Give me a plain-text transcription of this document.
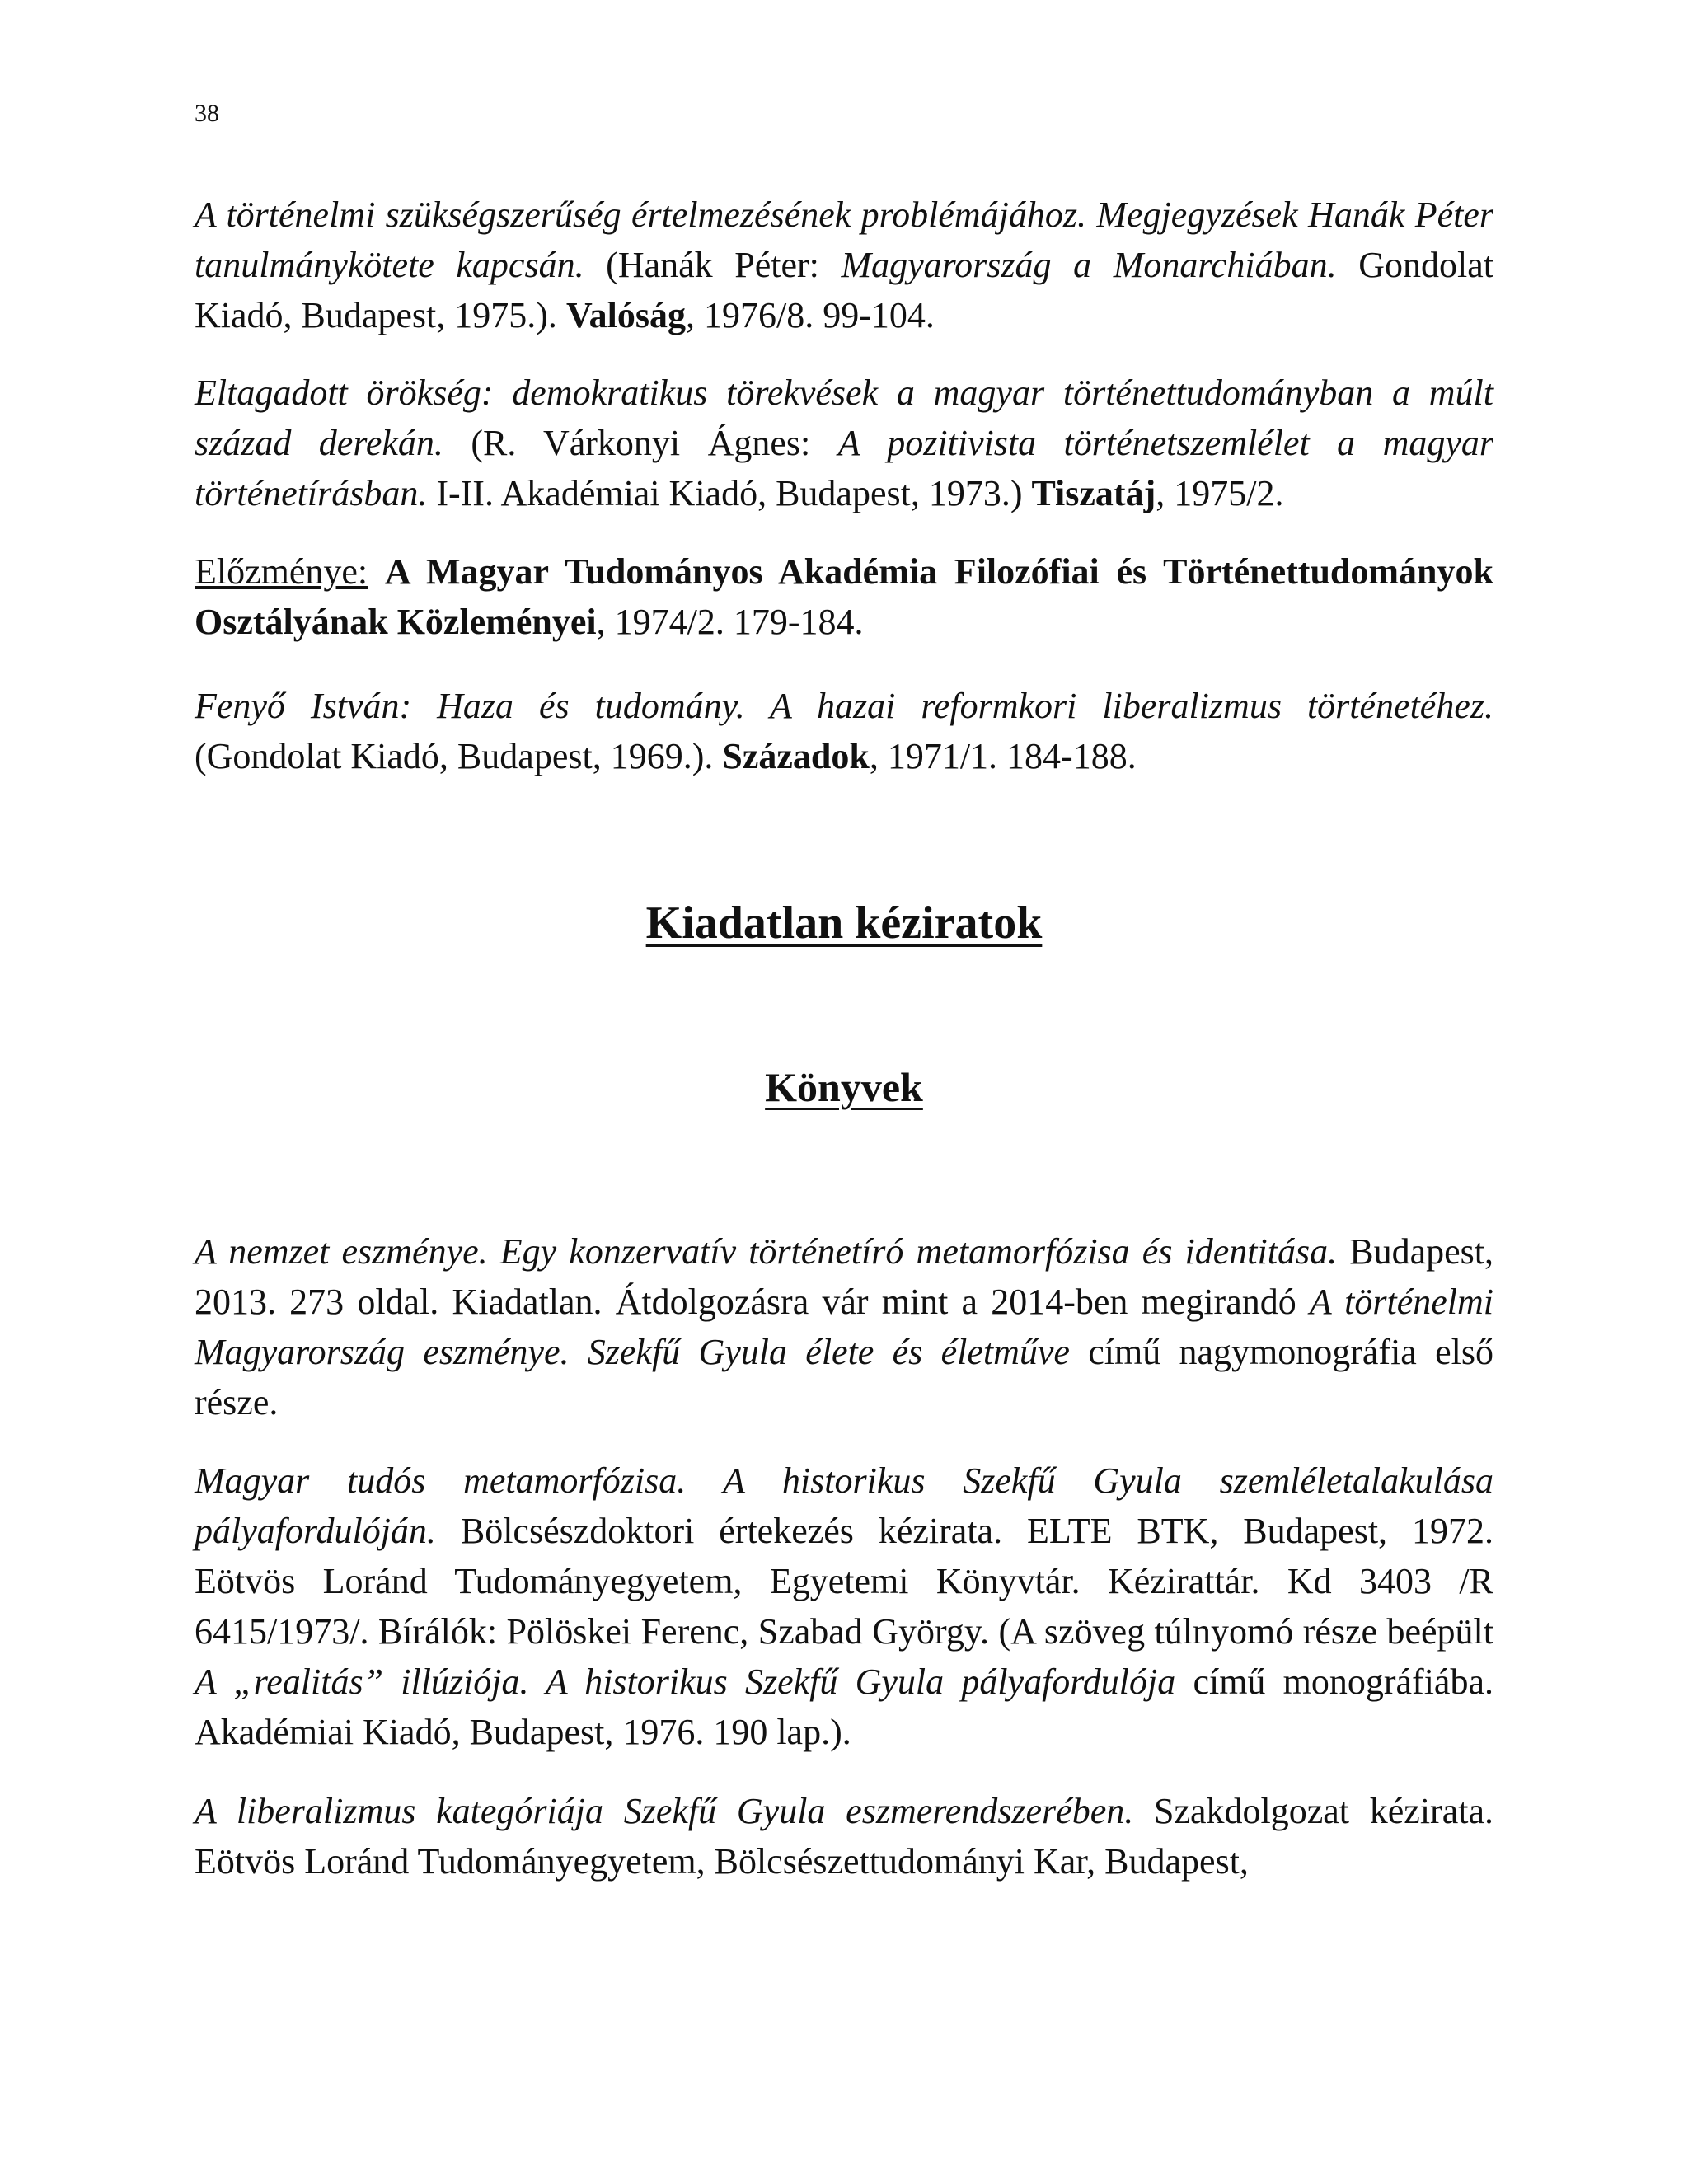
38

A történelmi szükségszerűség értelmezésének problémájához. Megjegyzések Hanák Péter tanulmánykötete kapcsán. (Hanák Péter: Magyarország a Monarchiában. Gondolat Kiadó, Budapest, 1975.). Valóság, 1976/8. 99-104.

Eltagadott örökség: demokratikus törekvések a magyar történettudományban a múlt század derekán. (R. Várkonyi Ágnes: A pozitivista történetszemlélet a magyar történetírásban. I-II. Akadémiai Kiadó, Budapest, 1973.) Tiszatáj, 1975/2.

Előzménye: A Magyar Tudományos Akadémia Filozófiai és Történettudományok Osztályának Közleményei, 1974/2. 179-184.

Fenyő István: Haza és tudomány. A hazai reformkori liberalizmus történetéhez. (Gondolat Kiadó, Budapest, 1969.). Századok, 1971/1. 184-188.

Kiadatlan kéziratok
Könyvek

A nemzet eszménye. Egy konzervatív történetíró metamorfózisa és identitása. Budapest, 2013. 273 oldal. Kiadatlan. Átdolgozásra vár mint a 2014-ben megirandó A történelmi Magyarország eszménye. Szekfű Gyula élete és életműve című nagymonográfia első része.

Magyar tudós metamorfózisa. A historikus Szekfű Gyula szemléletalakulása pályafordulóján. Bölcsészdoktori értekezés kézirata. ELTE BTK, Budapest, 1972. Eötvös Loránd Tudományegyetem, Egyetemi Könyvtár. Kézirattár. Kd 3403 /R 6415/1973/. Bírálók: Pölöskei Ferenc, Szabad György. (A szöveg túlnyomó része beépült A „realitás” illúziója. A historikus Szekfű Gyula pályafordulója című monográfiába. Akadémiai Kiadó, Budapest, 1976. 190 lap.).

A liberalizmus kategóriája Szekfű Gyula eszmerendszerében. Szakdolgozat kézirata. Eötvös Loránd Tudományegyetem, Bölcsészettudományi Kar, Budapest,
